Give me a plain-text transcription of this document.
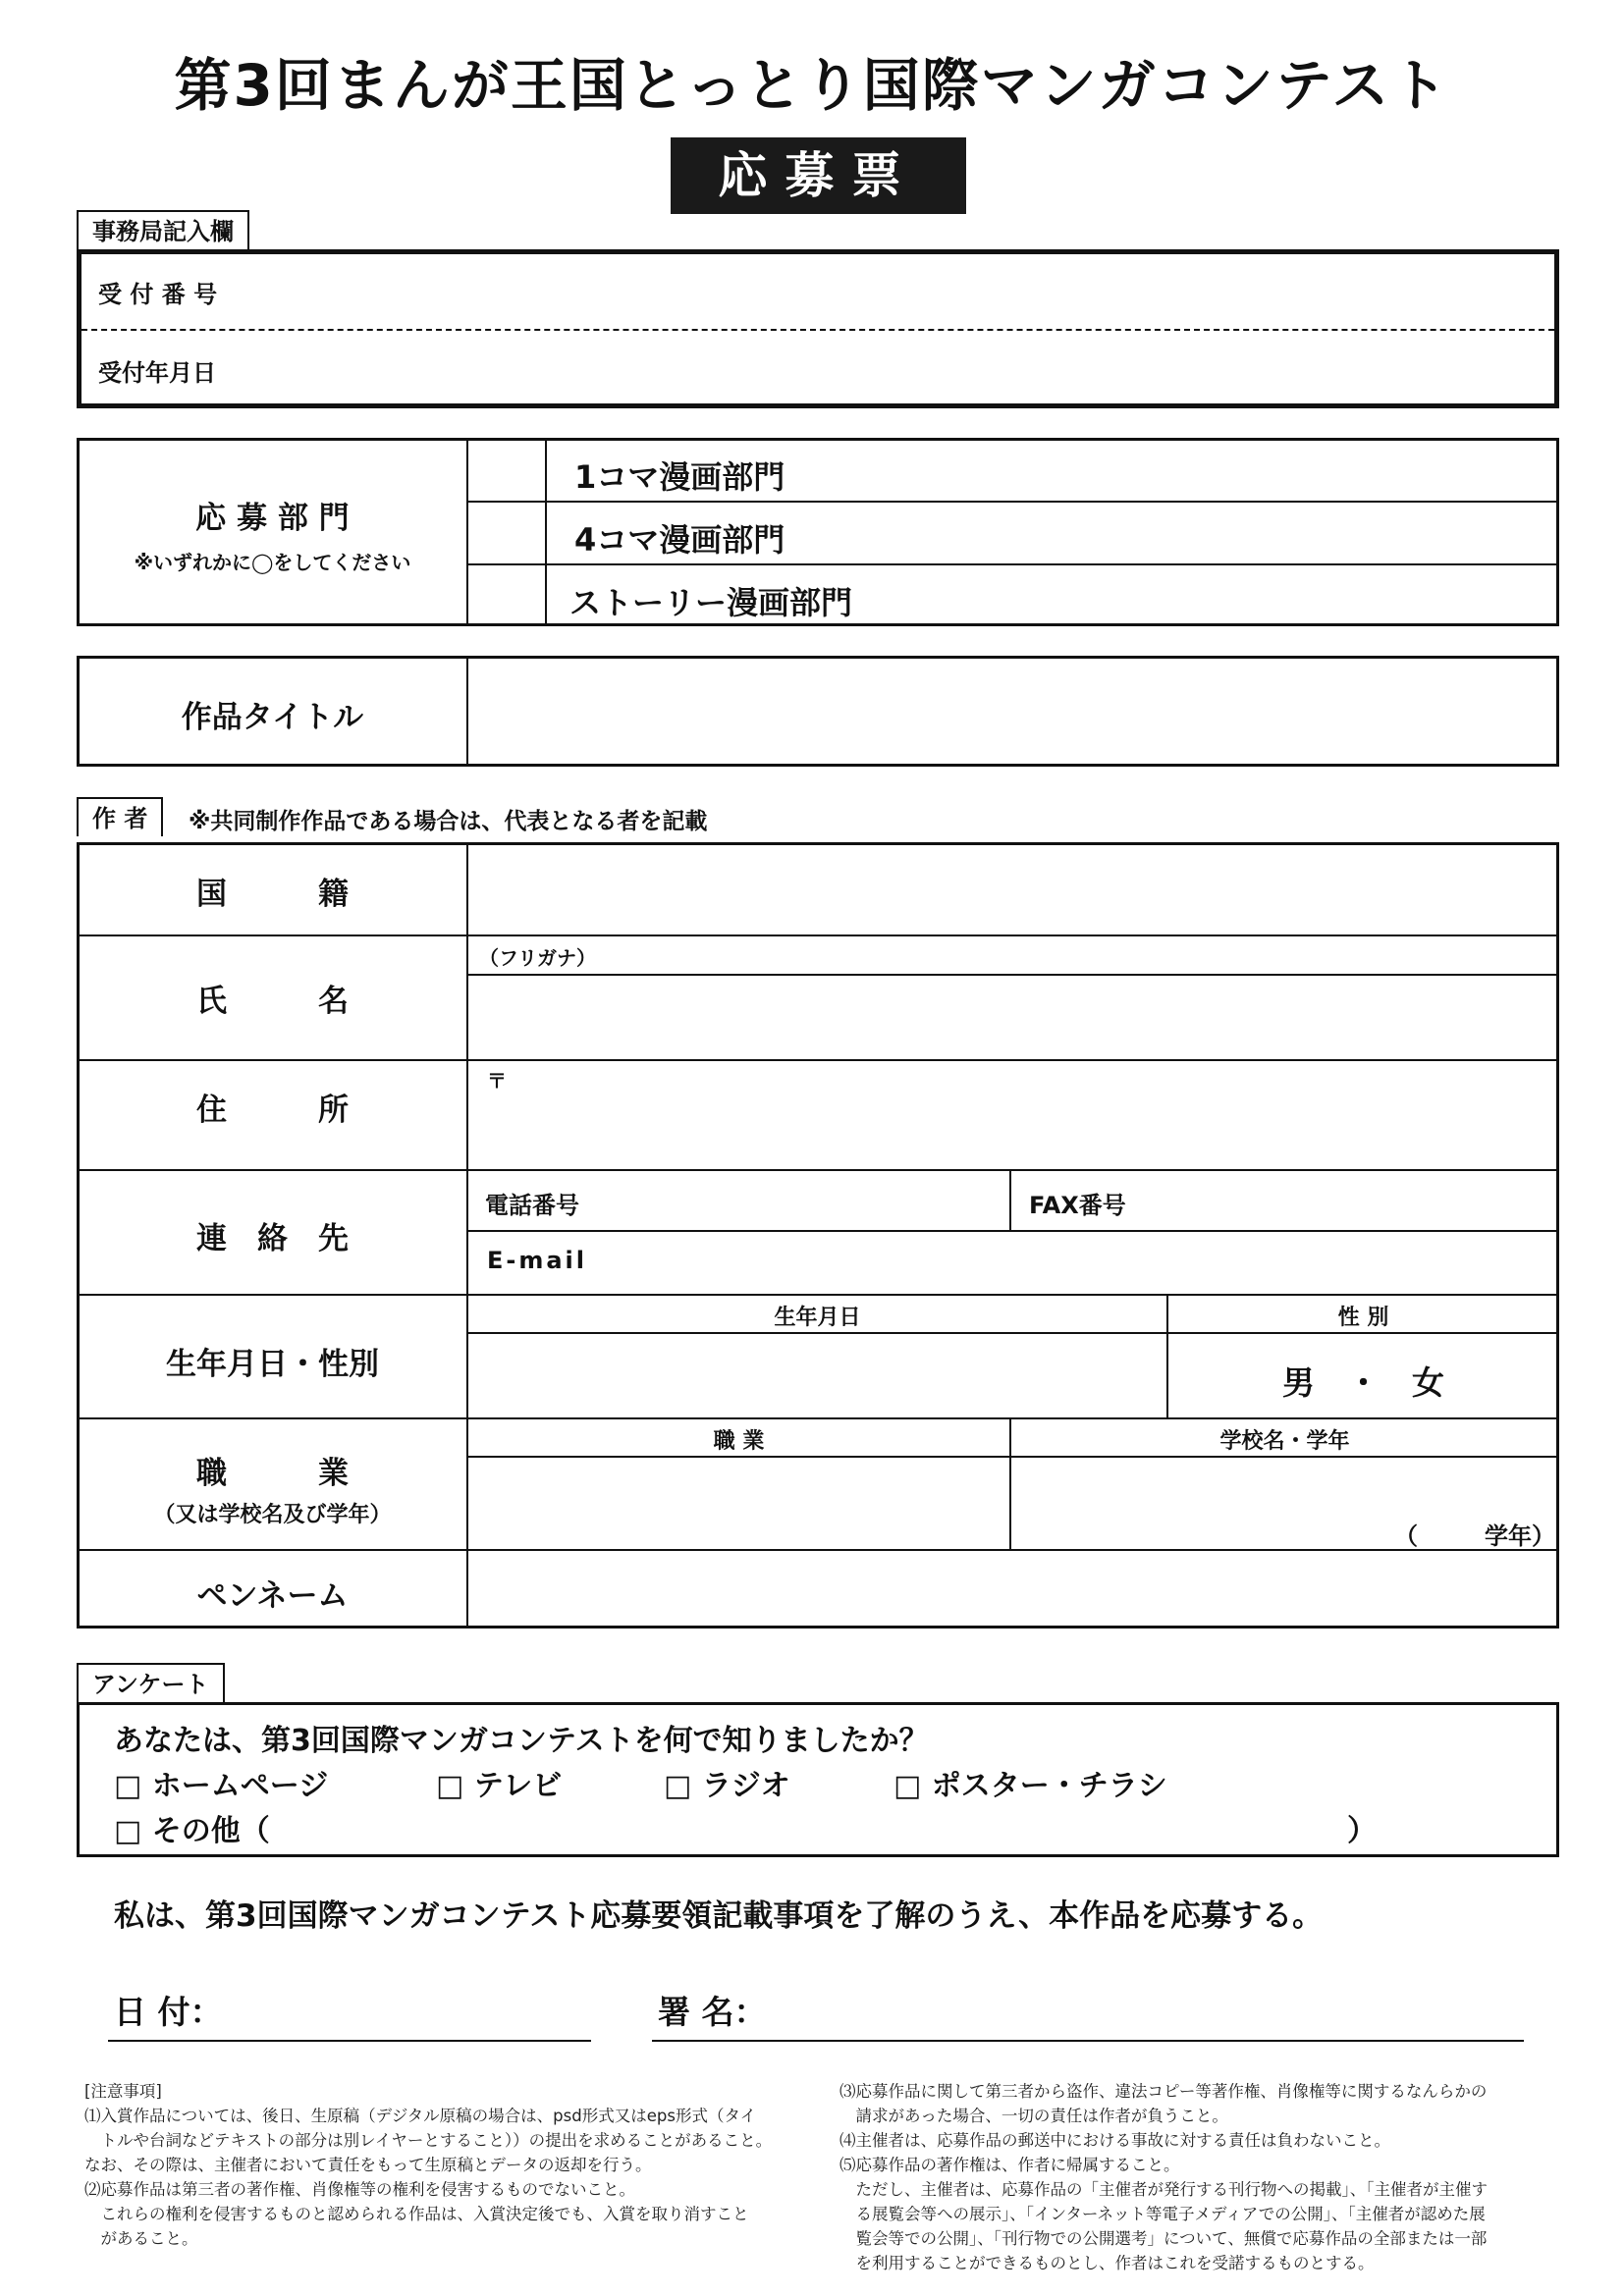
第3回まんが王国とっとり国際マンガコンテスト
応募票
事務局記入欄
受 付 番 号
受付年月日
応 募 部 門
※いずれかに◯をしてください
1コマ漫画部門
4コマ漫画部門
ストーリー漫画部門
作品タイトル
作 者	※共同制作作品である場合は、代表となる者を記載
国　　　籍
氏　　　名
（フリガナ）
住　　　所
〒
連　絡　先
電話番号	FAX番号
E-mail
生年月日・性別
生年月日	性 別
男　・　女
職　　　業
（又は学校名及び学年）
職 業	学校名・学年
（	学年）
ペンネーム
アンケート
あなたは、第3回国際マンガコンテストを何で知りましたか？
□ ホームページ	□ テレビ	□ ラジオ	□ ポスター・チラシ
□ その他（	）
私は、第3回国際マンガコンテスト応募要領記載事項を了解のうえ、本作品を応募する。
日 付：	署 名：
[注意事項]
⑴入賞作品については、後日、生原稿（デジタル原稿の場合は、psd形式又はeps形式（タイ
　トルや台詞などテキストの部分は別レイヤーとすること））の提出を求めることがあること。
なお、その際は、主催者において責任をもって生原稿とデータの返却を行う。
⑵応募作品は第三者の著作権、肖像権等の権利を侵害するものでないこと。
　これらの権利を侵害するものと認められる作品は、入賞決定後でも、入賞を取り消すこと
　があること。
⑶応募作品に関して第三者から盗作、違法コピー等著作権、肖像権等に関するなんらかの
　請求があった場合、一切の責任は作者が負うこと。
⑷主催者は、応募作品の郵送中における事故に対する責任は負わないこと。
⑸応募作品の著作権は、作者に帰属すること。
　ただし、主催者は、応募作品の「主催者が発行する刊行物への掲載」、「主催者が主催す
　る展覧会等への展示」、「インターネット等電子メディアでの公開」、「主催者が認めた展
　覧会等での公開」、「刊行物での公開選考」について、無償で応募作品の全部または一部
　を利用することができるものとし、作者はこれを受諾するものとする。
